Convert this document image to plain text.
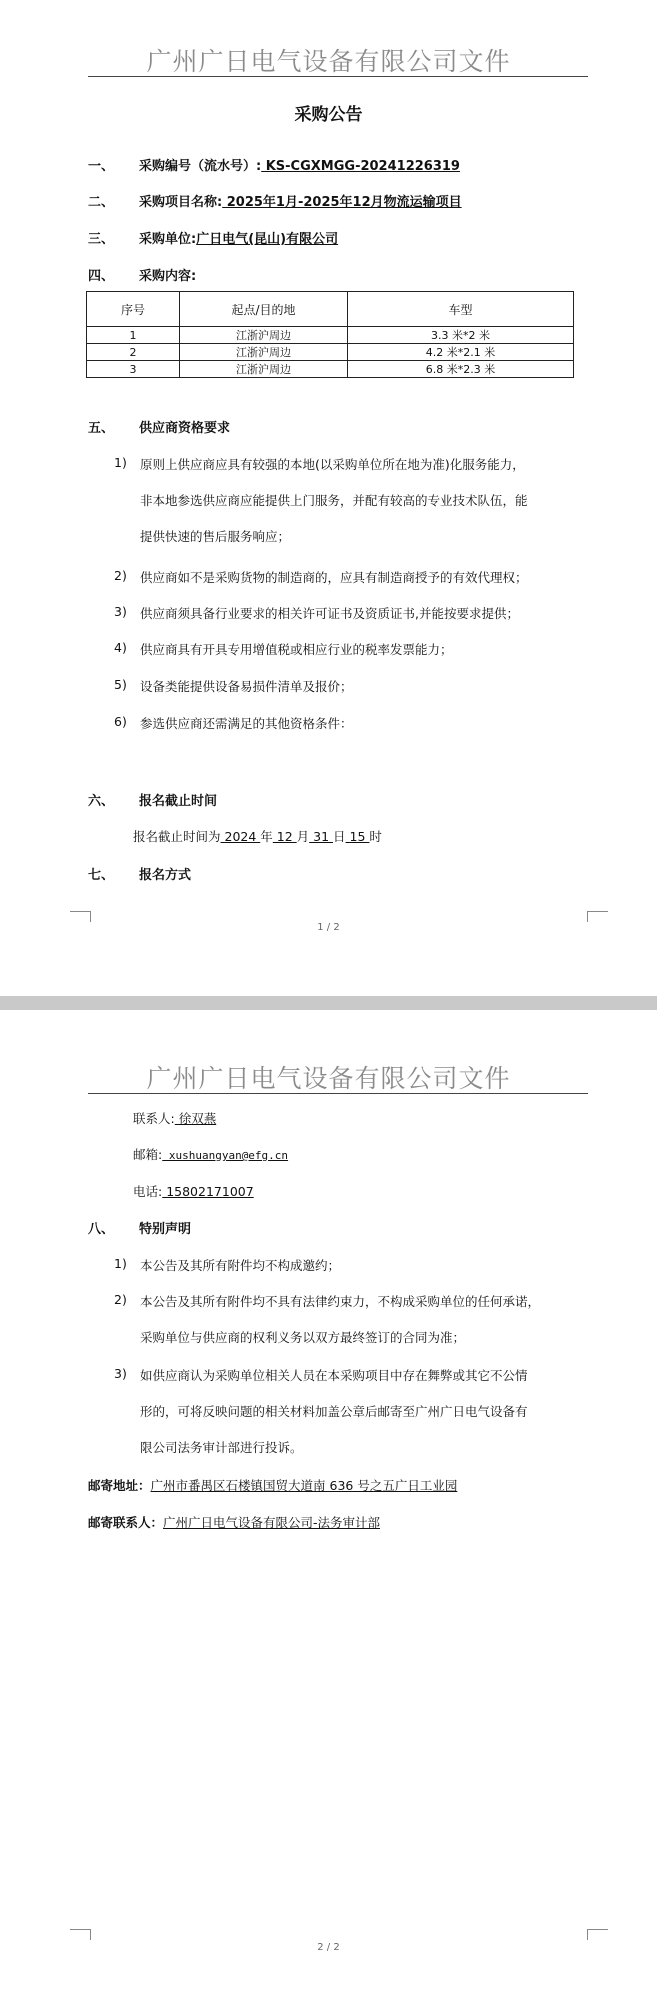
广州广日电气设备有限公司文件
采购公告
一、 采购编号（流水号）: KS-CGXMGG-20241226319
二、 采购项目名称: 2025年1月-2025年12月物流运输项目
三、 采购单位:广日电气(昆山)有限公司
四、 采购内容:
序号	起点/目的地	车型
1	江浙沪周边	3.3 米*2 米
2	江浙沪周边	4.2 米*2.1 米
3	江浙沪周边	6.8 米*2.3 米
五、 供应商资格要求
1) 原则上供应商应具有较强的本地(以采购单位所在地为准)化服务能力，
非本地参选供应商应能提供上门服务，并配有较高的专业技术队伍，能
提供快速的售后服务响应；
2) 供应商如不是采购货物的制造商的，应具有制造商授予的有效代理权；
3) 供应商须具备行业要求的相关许可证书及资质证书,并能按要求提供；
4) 供应商具有开具专用增值税或相应行业的税率发票能力；
5) 设备类能提供设备易损件清单及报价；
6) 参选供应商还需满足的其他资格条件：
六、 报名截止时间
报名截止时间为 2024 年 12 月 31 日 15 时
七、 报名方式
1 / 2
广州广日电气设备有限公司文件
联系人: 徐双燕
邮箱: xushuangyan@efg.cn
电话: 15802171007
八、 特别声明
1) 本公告及其所有附件均不构成邀约；
2) 本公告及其所有附件均不具有法律约束力，不构成采购单位的任何承诺，
采购单位与供应商的权利义务以双方最终签订的合同为准；
3) 如供应商认为采购单位相关人员在本采购项目中存在舞弊或其它不公情
形的，可将反映问题的相关材料加盖公章后邮寄至广州广日电气设备有
限公司法务审计部进行投诉。
邮寄地址：广州市番禺区石楼镇国贸大道南 636 号之五广日工业园
邮寄联系人：广州广日电气设备有限公司-法务审计部
2 / 2
